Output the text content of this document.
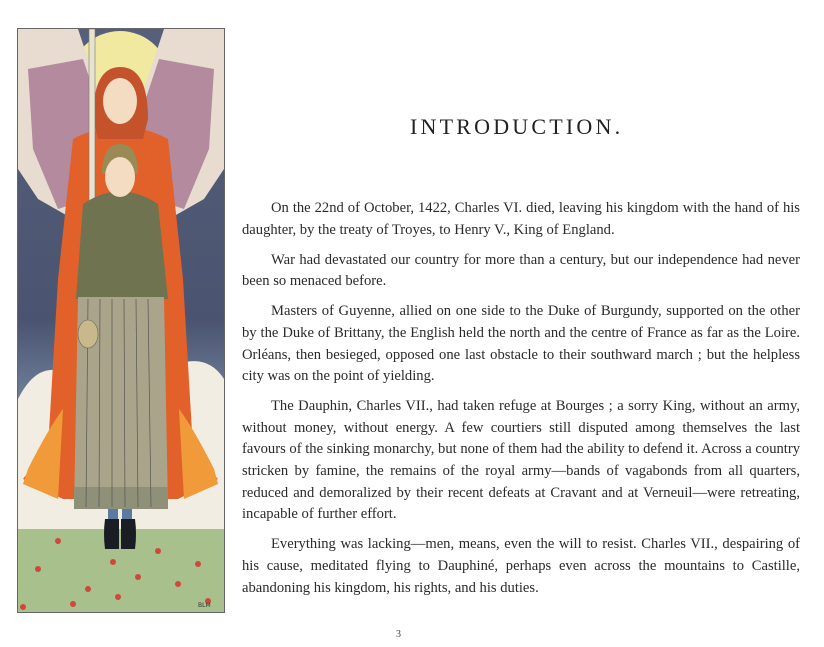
BLM
INTRODUCTION.

On the 22nd of October, 1422, Charles VI. died, leaving his kingdom with the hand of his daughter, by the treaty of Troyes, to Henry V., King of England.

War had devastated our country for more than a century, but our independence had never been so menaced before.

Masters of Guyenne, allied on one side to the Duke of Burgundy, supported on the other by the Duke of Brittany, the English held the north and the centre of France as far as the Loire. Orléans, then besieged, opposed one last obstacle to their southward march ; but the helpless city was on the point of yielding.

The Dauphin, Charles VII., had taken refuge at Bourges ; a sorry King, without an army, without money, without energy. A few courtiers still disputed among themselves the last favours of the sinking monarchy, but none of them had the ability to defend it. Across a country stricken by famine, the remains of the royal army—bands of vagabonds from all quarters, reduced and demoralized by their recent defeats at Cravant and at Verneuil—were retreating, incapable of further effort.

Everything was lacking—men, means, even the will to resist. Charles VII., despairing of his cause, meditated flying to Dauphiné, perhaps even across the mountains to Castille, abandoning his kingdom, his rights, and his duties.

3
